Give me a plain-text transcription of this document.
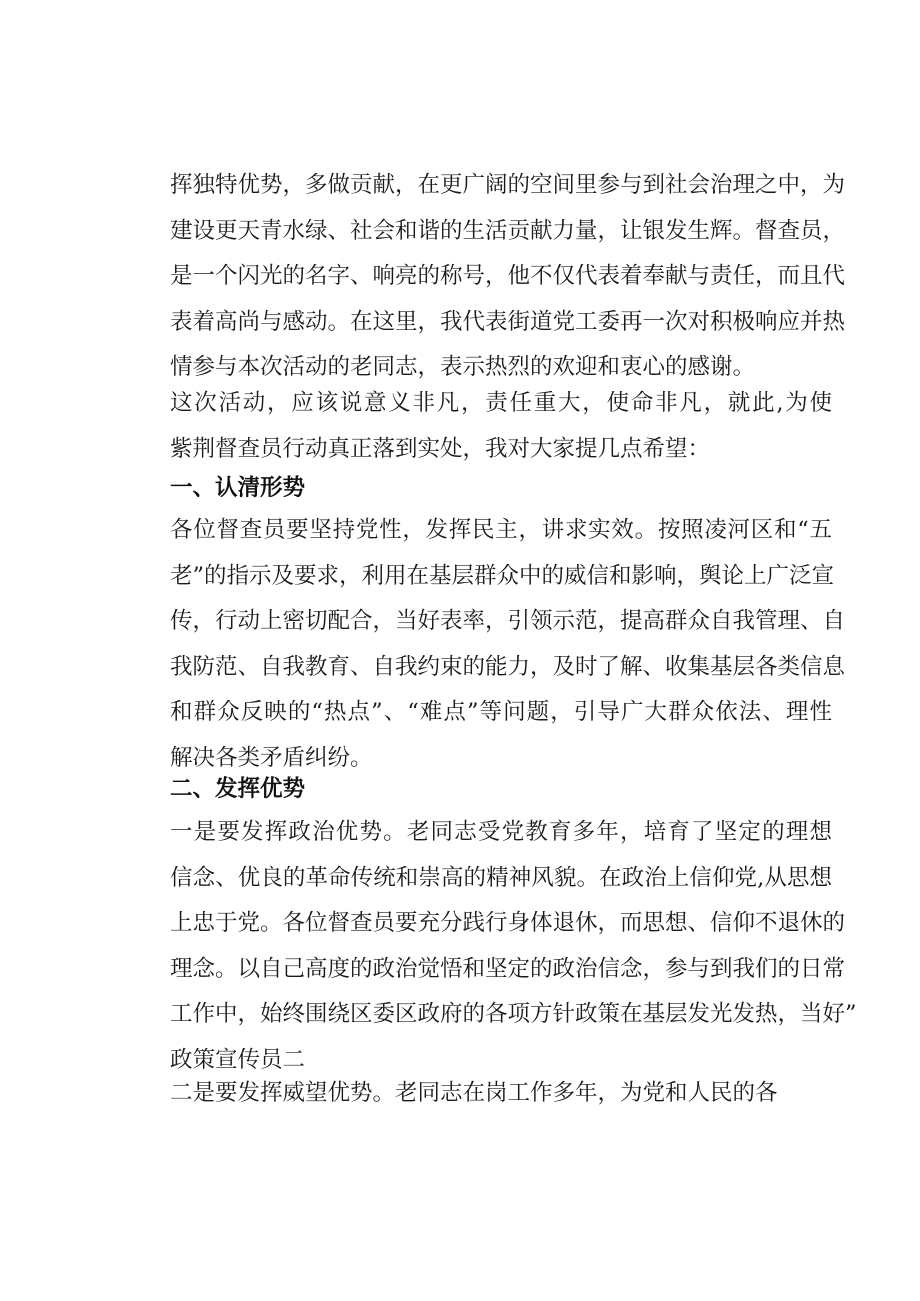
挥独特优势，多做贡献，在更广阔的空间里参与到社会治理之中，为
建设更天青水绿、社会和谐的生活贡献力量，让银发生辉。督查员，
是一个闪光的名字、响亮的称号，他不仅代表着奉献与责任，而且代
表着高尚与感动。在这里，我代表街道党工委再一次对积极响应并热
情参与本次活动的老同志，表示热烈的欢迎和衷心的感谢。
这次活动，应该说意义非凡，责任重大，使命非凡，就此,为使
紫荆督查员行动真正落到实处，我对大家提几点希望：
一、认清形势
各位督查员要坚持党性，发挥民主，讲求实效。按照凌河区和“五
老”的指示及要求，利用在基层群众中的威信和影响，舆论上广泛宣
传，行动上密切配合，当好表率，引领示范，提高群众自我管理、自
我防范、自我教育、自我约束的能力，及时了解、收集基层各类信息
和群众反映的“热点”、“难点”等问题，引导广大群众依法、理性
解决各类矛盾纠纷。
二、发挥优势
一是要发挥政治优势。老同志受党教育多年，培育了坚定的理想
信念、优良的革命传统和崇高的精神风貌。在政治上信仰党,从思想
上忠于党。各位督查员要充分践行身体退休，而思想、信仰不退休的
理念。以自己高度的政治觉悟和坚定的政治信念，参与到我们的日常
工作中，始终围绕区委区政府的各项方针政策在基层发光发热，当好”
政策宣传员二
二是要发挥威望优势。老同志在岗工作多年，为党和人民的各
